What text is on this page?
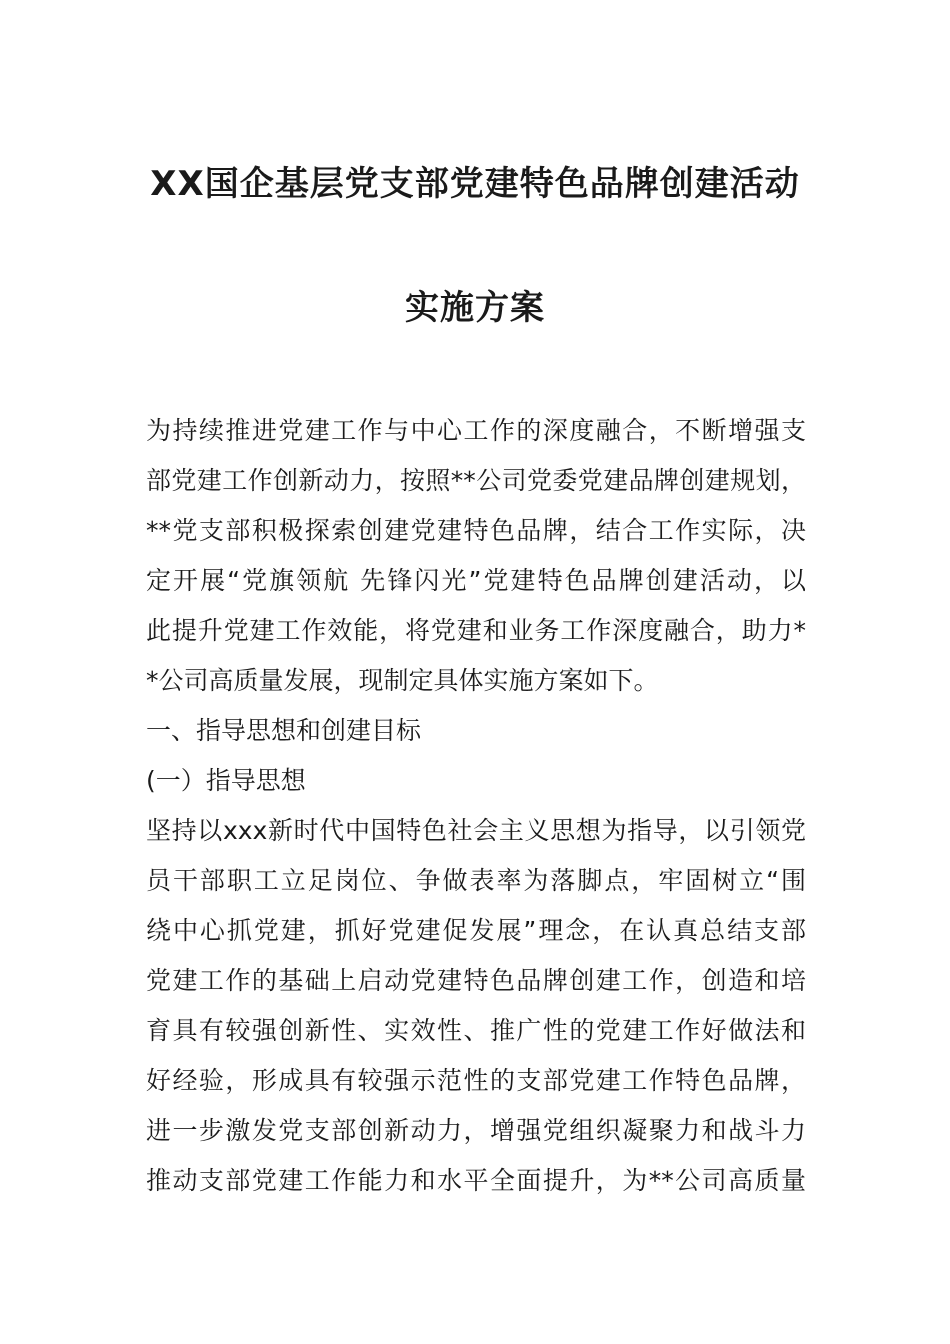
XX国企基层党支部党建特色品牌创建活动
实施方案
为持续推进党建工作与中心工作的深度融合，不断增强支
部党建工作创新动力，按照**公司党委党建品牌创建规划，
**党支部积极探索创建党建特色品牌，结合工作实际，决
定开展“党旗领航 先锋闪光”党建特色品牌创建活动，以
此提升党建工作效能，将党建和业务工作深度融合，助力*
*公司高质量发展，现制定具体实施方案如下。
一、指导思想和创建目标
(一）指导思想
坚持以xxx新时代中国特色社会主义思想为指导，以引领党
员干部职工立足岗位、争做表率为落脚点，牢固树立“围
绕中心抓党建，抓好党建促发展”理念，在认真总结支部
党建工作的基础上启动党建特色品牌创建工作，创造和培
育具有较强创新性、实效性、推广性的党建工作好做法和
好经验，形成具有较强示范性的支部党建工作特色品牌，
进一步激发党支部创新动力，增强党组织凝聚力和战斗力
推动支部党建工作能力和水平全面提升，为**公司高质量
